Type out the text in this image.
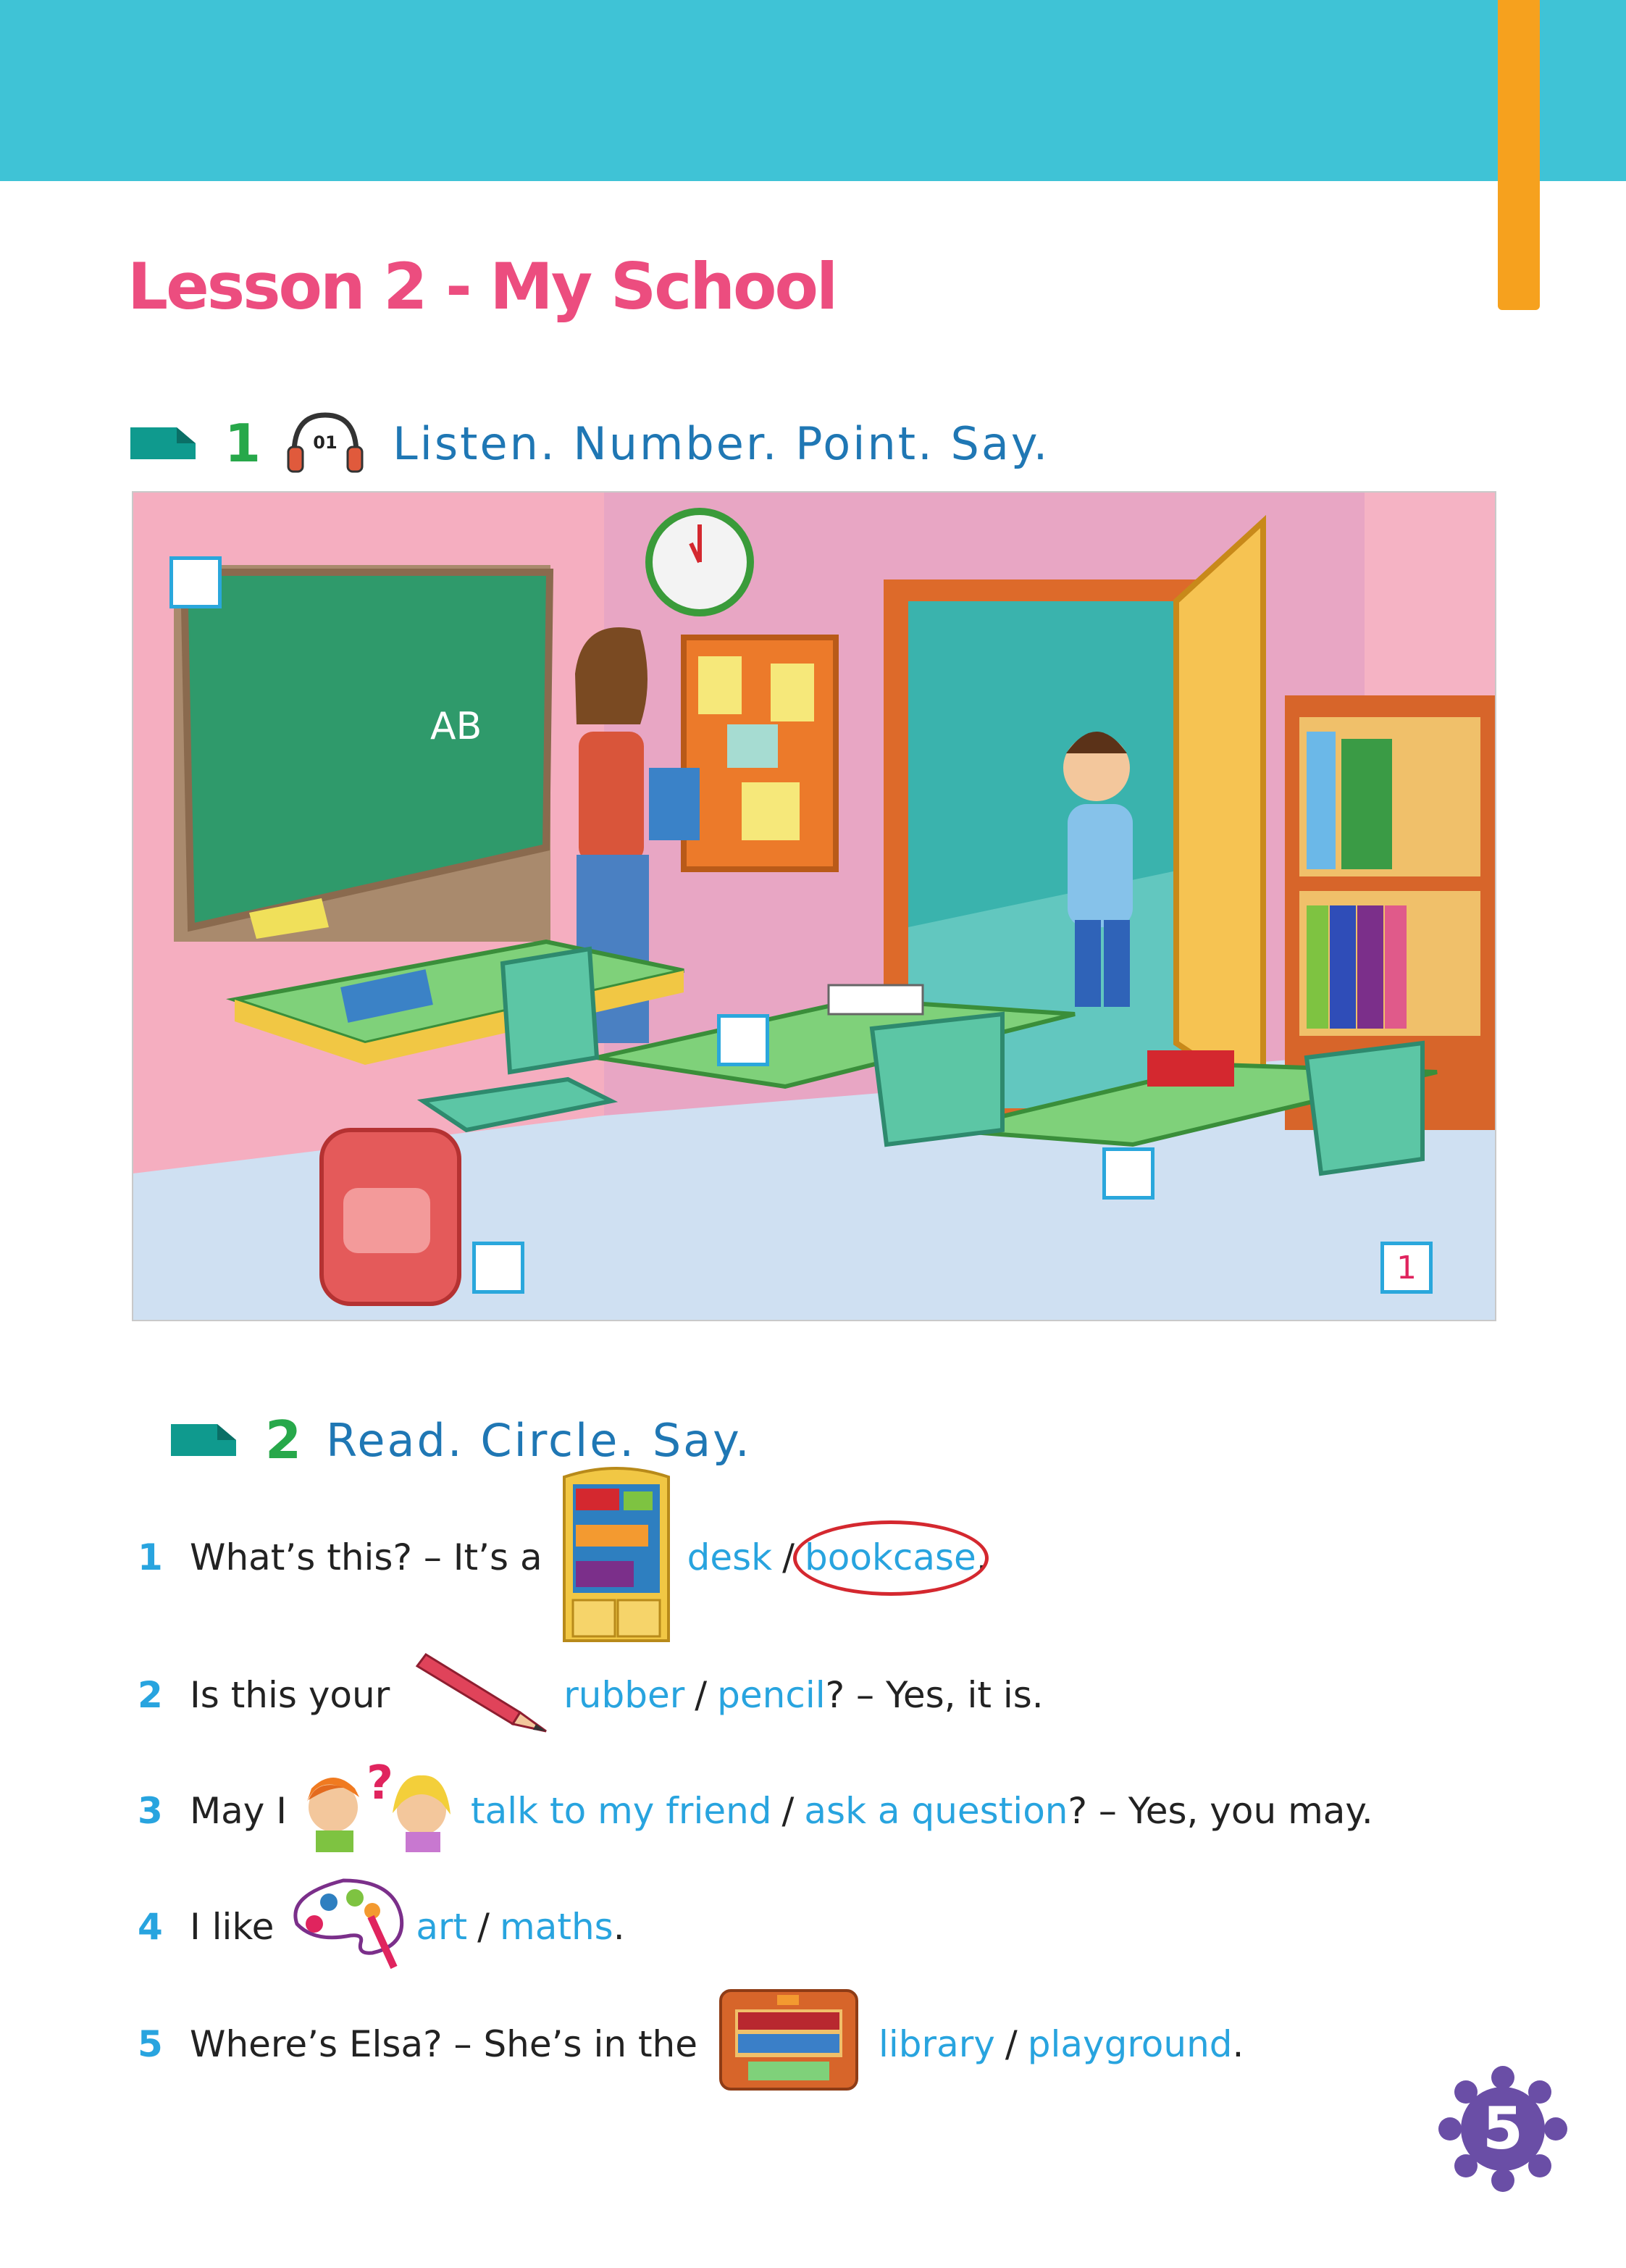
Lesson 2 - My School
1	01 Listen. Number. Point. Say.
AB
1
2 Read. Circle. Say.
1 What’s this? – It’s a	desk / bookcase .
2 Is this your	rubber / pencil ? – Yes, it is.
3 May I
?
talk to my friend / ask a question ? – Yes, you may.
4 I like	art / maths .
5 Where’s Elsa? – She’s in the	library / playground .
5
